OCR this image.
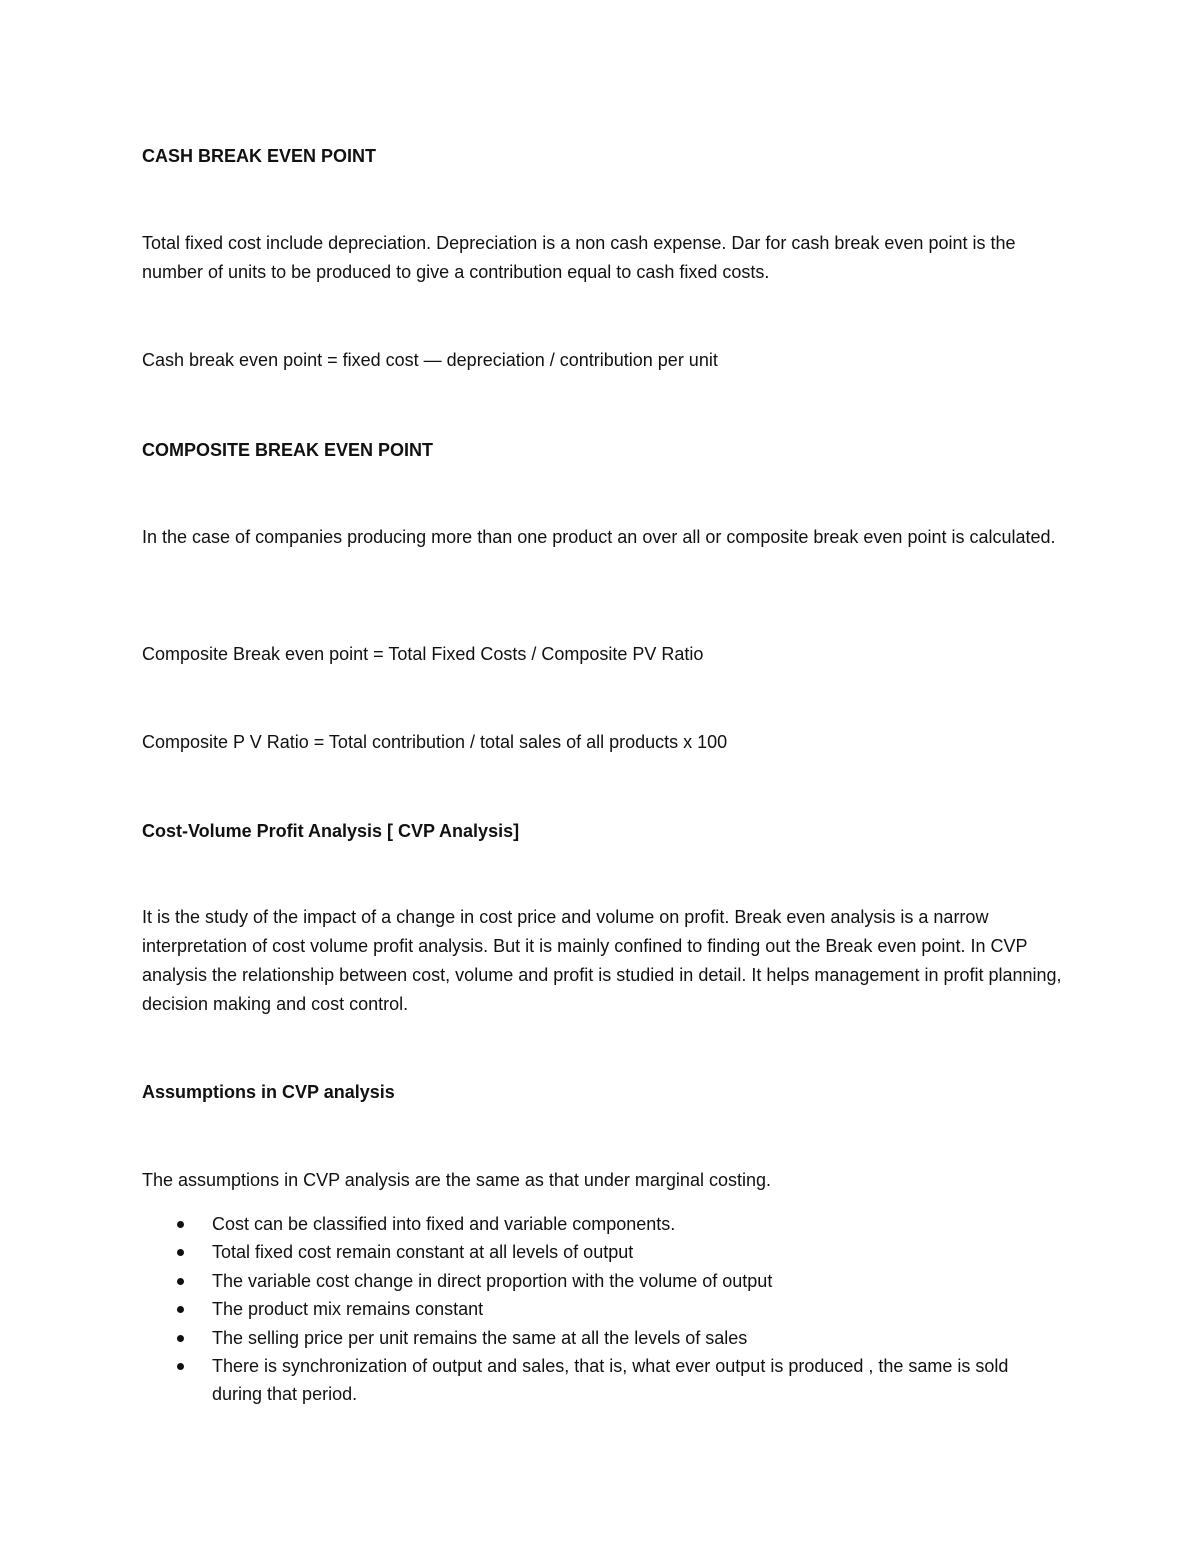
CASH BREAK EVEN POINT

Total fixed cost include depreciation. Depreciation is a non cash expense. Dar for cash break even point is the number of units to be produced to give a contribution equal to cash fixed costs.

Cash break even point = fixed cost — depreciation / contribution per unit

COMPOSITE BREAK EVEN POINT

In the case of companies producing more than one product an over all or composite break even point is calculated.

Composite Break even point = Total Fixed Costs / Composite PV Ratio

Composite P V Ratio = Total contribution / total sales of all products x 100

Cost-Volume Profit Analysis [ CVP Analysis]

It is the study of the impact of a change in cost price and volume on profit. Break even analysis is a narrow interpretation of cost volume profit analysis. But it is mainly confined to finding out the Break even point. In CVP analysis the relationship between cost, volume and profit is studied in detail. It helps management in profit planning, decision making and cost control.

Assumptions in CVP analysis

The assumptions in CVP analysis are the same as that under marginal costing.

Cost can be classified into fixed and variable components.
Total fixed cost remain constant at all levels of output
The variable cost change in direct proportion with the volume of output
The product mix remains constant
The selling price per unit remains the same at all the levels of sales
There is synchronization of output and sales, that is, what ever output is produced , the same is sold during that period.
